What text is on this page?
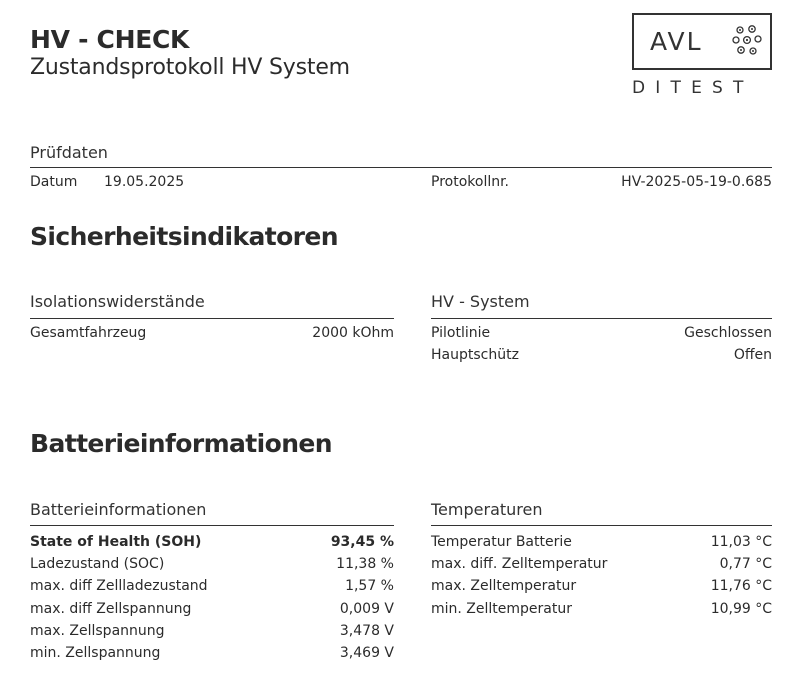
HV - CHECK
Zustandsprotokoll HV System
AVL
DITEST
Prüfdaten
Datum 19.05.2025	Protokollnr.	HV-2025-05-19-0.685
Sicherheitsindikatoren
Isolationswiderstände
Gesamtfahrzeug	2000 kOhm
HV - System
Pilotlinie	Geschlossen
Hauptschütz	Offen
Batterieinformationen
Batterieinformationen
State of Health (SOH)	93,45 %
Ladezustand (SOC)	11,38 %
max. diff Zellladezustand	1,57 %
max. diff Zellspannung	0,009 V
max. Zellspannung	3,478 V
min. Zellspannung	3,469 V
Temperaturen
Temperatur Batterie	11,03 °C
max. diff. Zelltemperatur	0,77 °C
max. Zelltemperatur	11,76 °C
min. Zelltemperatur	10,99 °C
